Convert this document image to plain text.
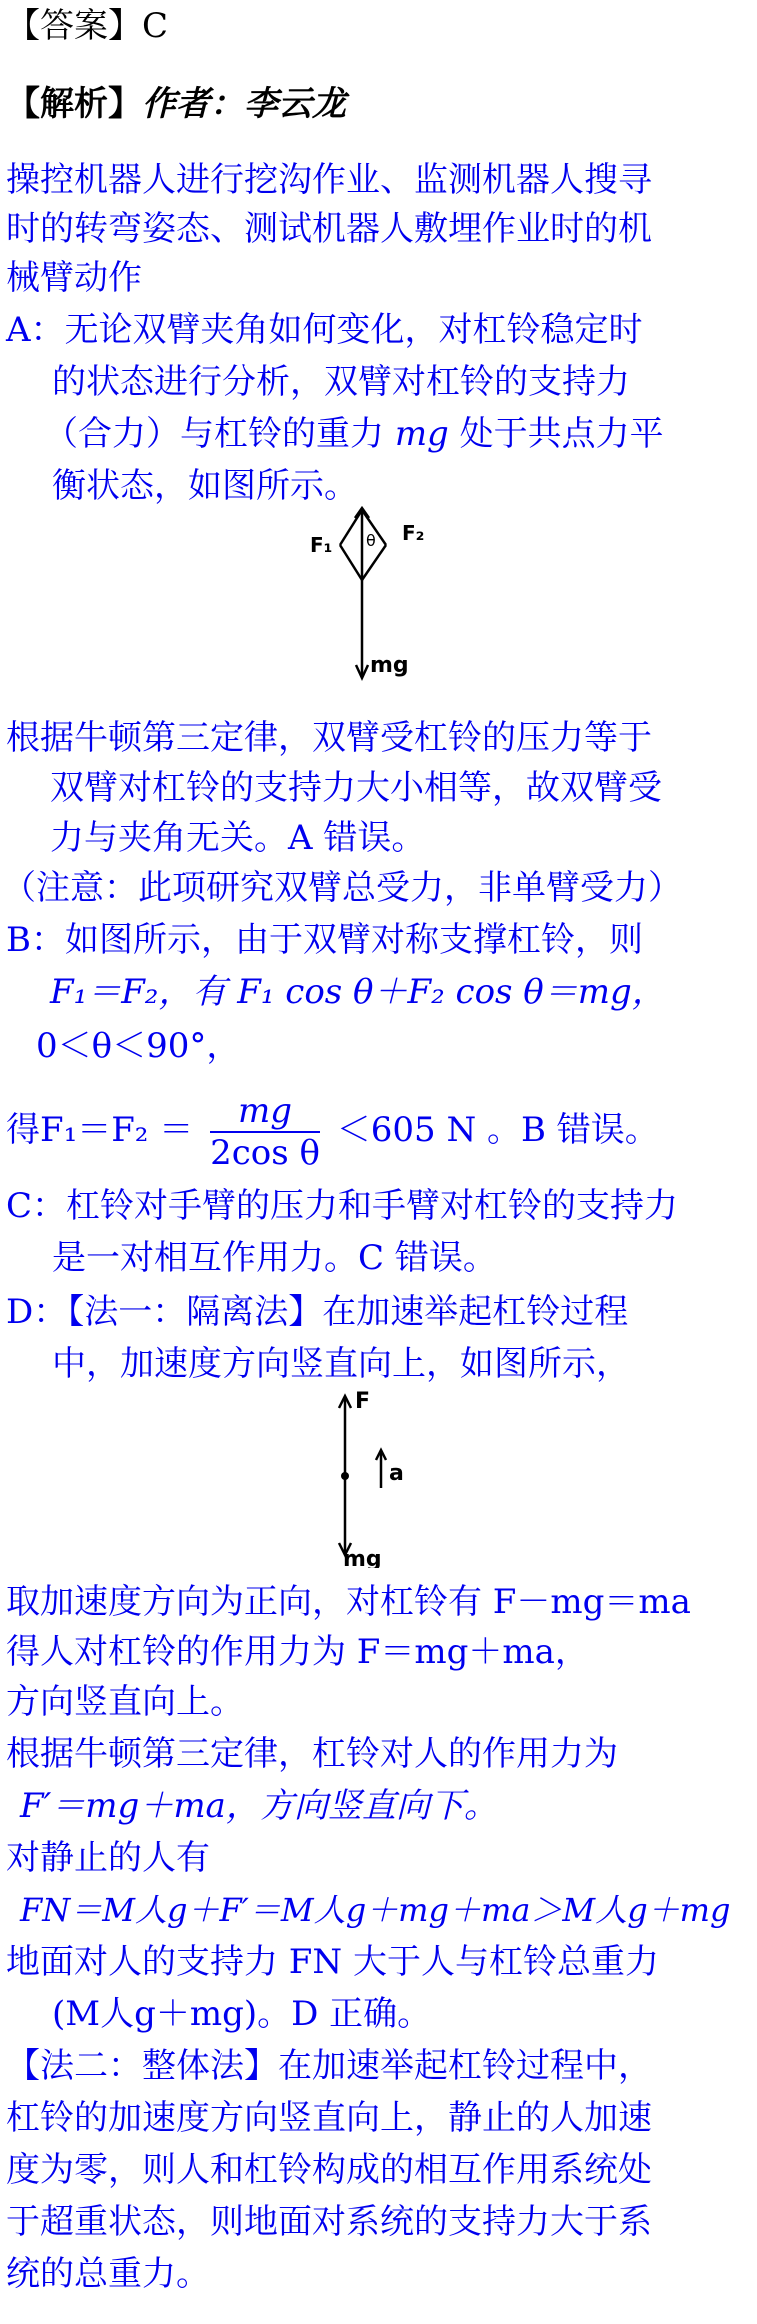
【答案】C
【解析】作者：李云龙
操控机器人进行挖沟作业、监测机器人搜寻
时的转弯姿态、测试机器人敷埋作业时的机
械臂动作
A：无论双臂夹角如何变化，对杠铃稳定时
的状态进行分析，双臂对杠铃的支持力
（合力）与杠铃的重力 mg 处于共点力平
衡状态，如图所示。
F₁	F₂
θ
mg
根据牛顿第三定律，双臂受杠铃的压力等于
双臂对杠铃的支持力大小相等，故双臂受
力与夹角无关。A 错误。
（注意：此项研究双臂总受力，非单臂受力）
B：如图所示，由于双臂对称支撑杠铃，则
F₁＝F₂，有 F₁ cos θ＋F₂ cos θ＝mg，
0＜θ＜90°，
得$F_1=F_2 = \frac{mg}{\text{2cos θ}} <605$ N 。B 错误。
C：杠铃对手臂的压力和手臂对杠铃的支持力
是一对相互作用力。C 错误。
D：【法一：隔离法】在加速举起杠铃过程
中，加速度方向竖直向上，如图所示，
F
a
mg
取加速度方向为正向，对杠铃有 F－mg＝ma
得人对杠铃的作用力为 F＝mg＋ma，
方向竖直向上。
根据牛顿第三定律，杠铃对人的作用力为
F′＝mg＋ma，方向竖直向下。
对静止的人有
FN＝M人g＋F′＝M人g＋mg＋ma＞M人g＋mg
地面对人的支持力 FN 大于人与杠铃总重力
(M人g＋mg)。D 正确。
【法二：整体法】在加速举起杠铃过程中，
杠铃的加速度方向竖直向上，静止的人加速
度为零，则人和杠铃构成的相互作用系统处
于超重状态，则地面对系统的支持力大于系
统的总重力。
